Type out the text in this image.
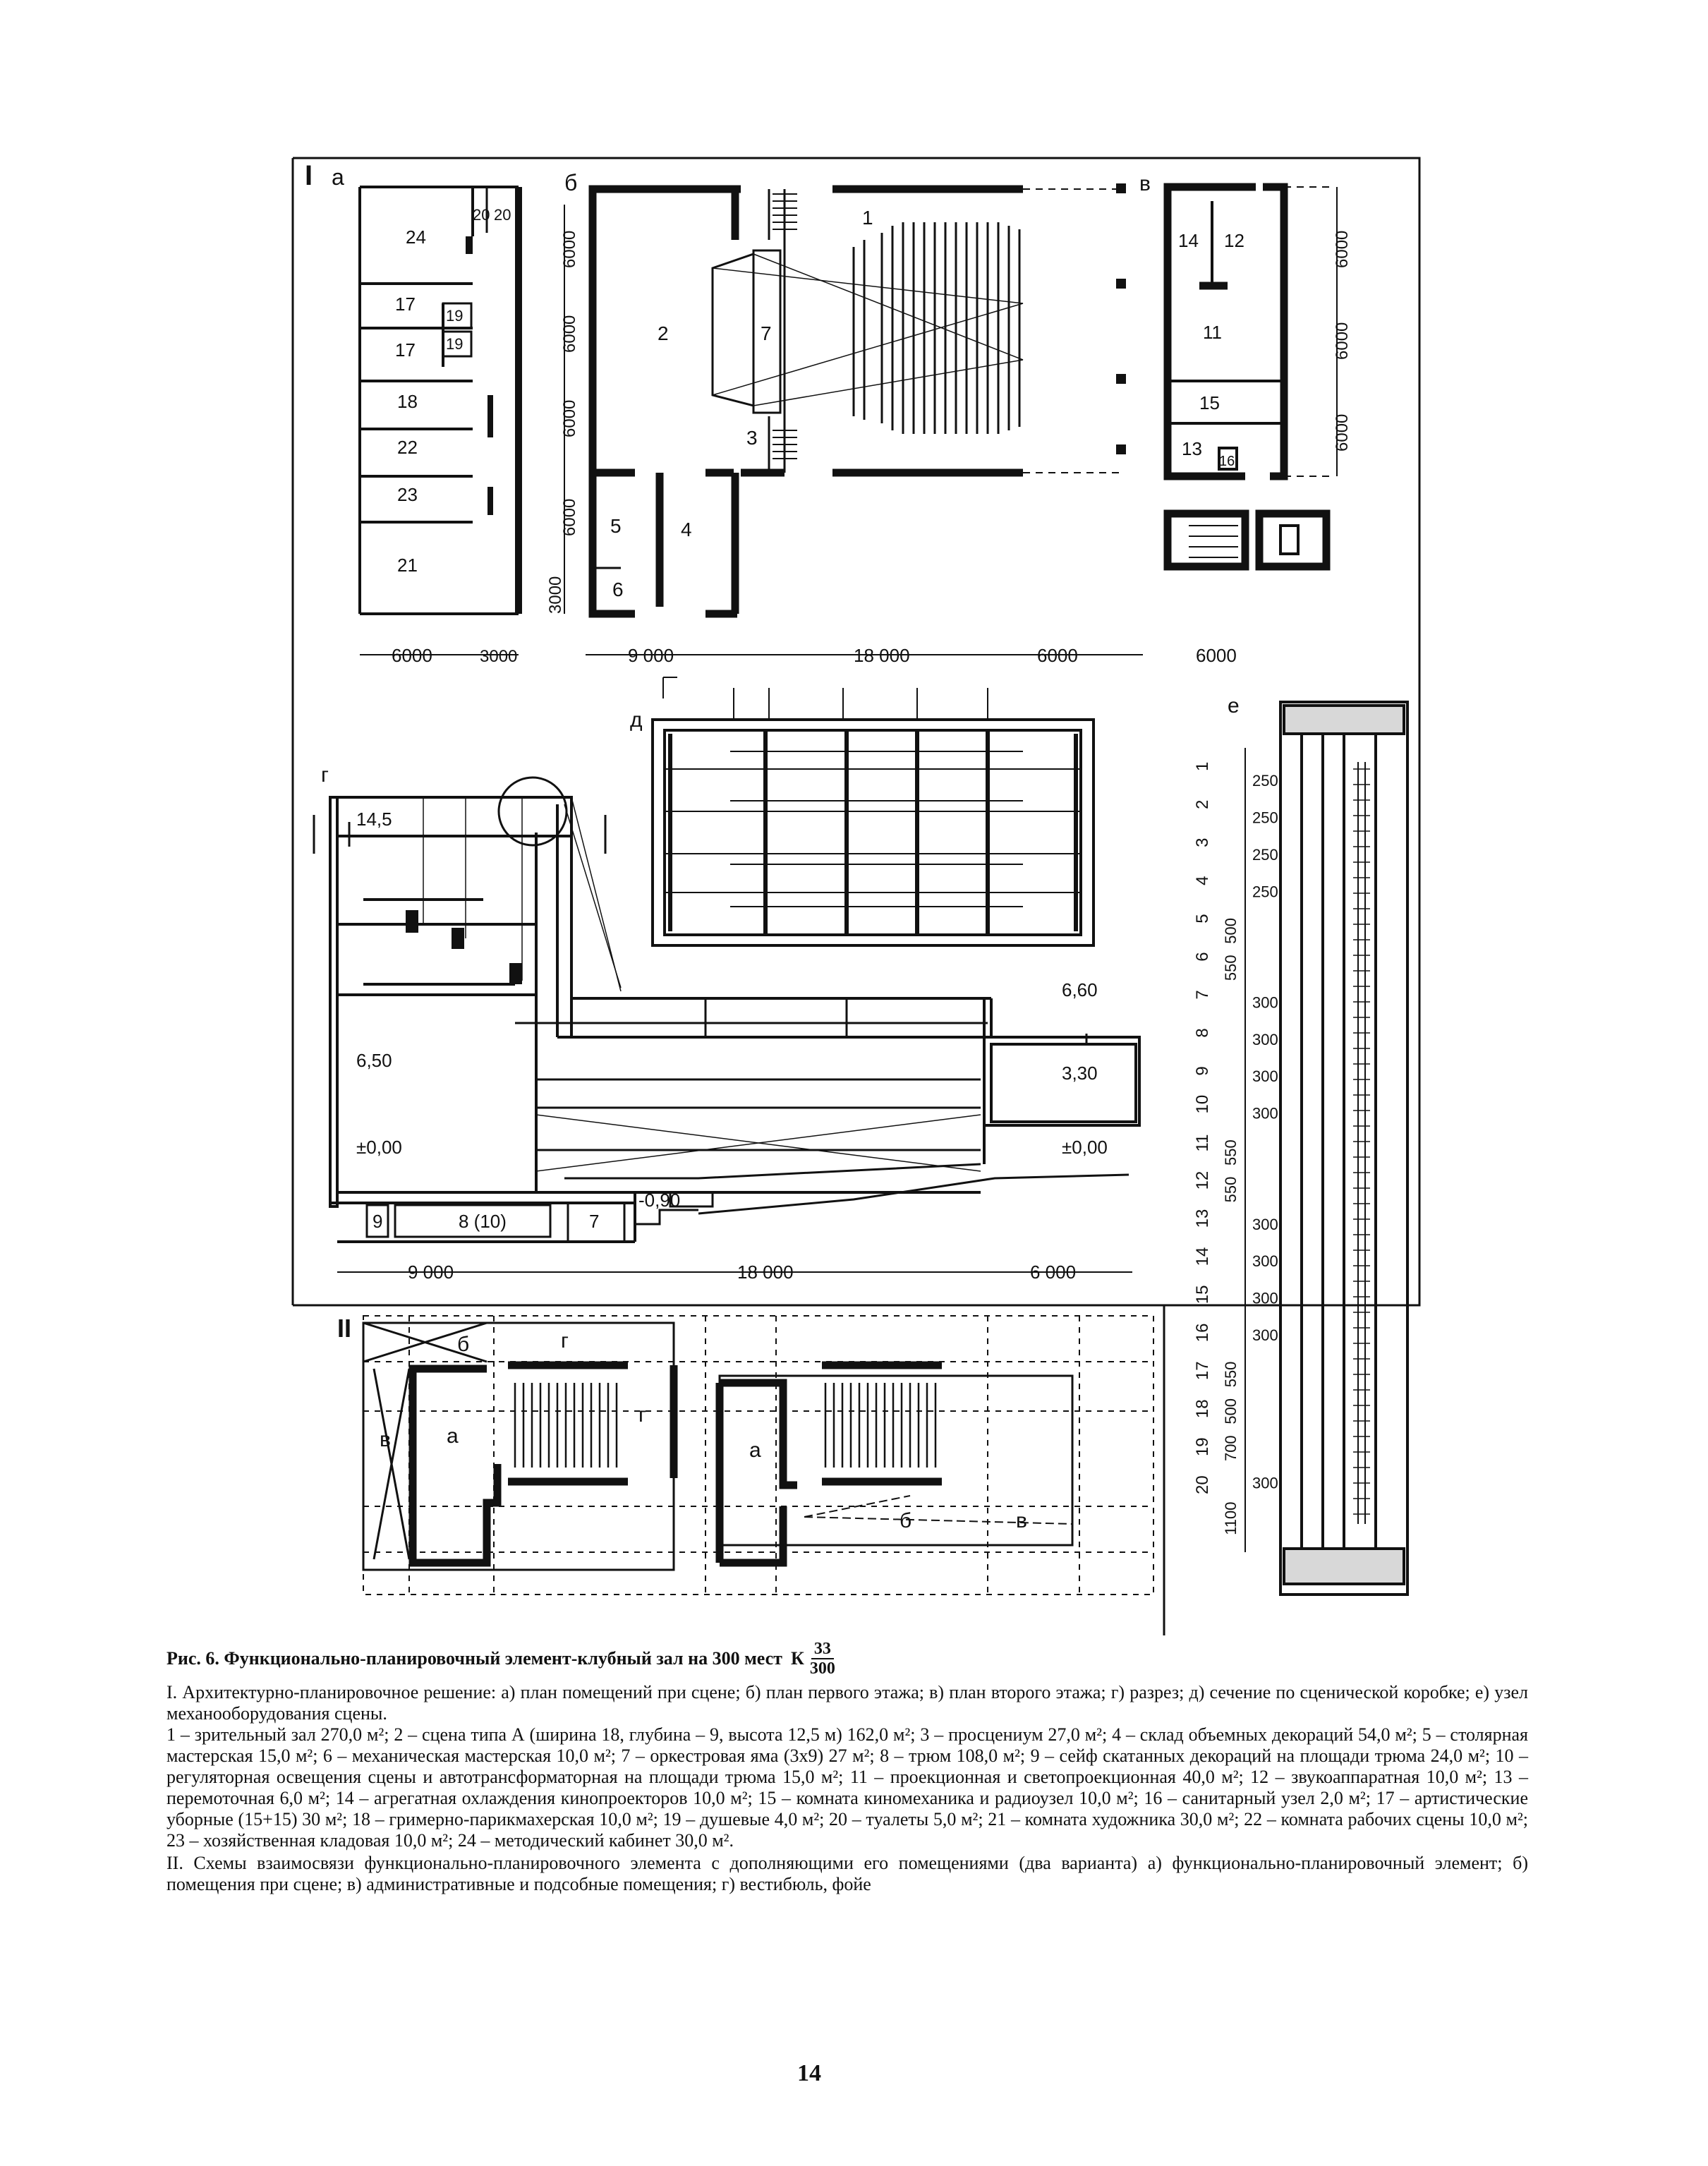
I а
24
20 20
17
19
17 19
18
22
23
21
6000	3000
б
1
2	7
3
5	4
6
6000
6000
6000
6000
3000
9 000	18 000	6000
в
14 12
11
15
13
16
6000
6000
6000
6000
д
г
14,5
6,60
6,50
3,30
±0,00	±0,00
-0,90
9	8 (10)	7
9 000	18 000	6 000
е
1
2
3
4
5
6
7
8
9
10
11
12
13
14
15
16
17
18
19
20
250
250
250
250
500
550
300
300
300
300
550
550
300
300
300
300
550
500
700
300
1100
II
б	г
в	а
г
а
б	в
Рис. 6. Функционально-планировочный элемент-клубный зал на 300 мест К $\frac{33}{300}$
I. Архитектурно-планировочное решение: а) план помещений при сцене; б) план первого этажа; в) план второго этажа; г) разрез; д) сечение по сценической коробке; е) узел механооборудования сцены.
1 – зрительный зал 270,0 м²; 2 – сцена типа А (ширина 18, глубина – 9, высота 12,5 м) 162,0 м²; 3 – просцениум 27,0 м²; 4 – склад объемных декораций 54,0 м²; 5 – столярная мастерская 15,0 м²; 6 – механическая мастерская 10,0 м²; 7 – оркестровая яма (3х9) 27 м²; 8 – трюм 108,0 м²; 9 – сейф скатанных декораций на площади трюма 24,0 м²; 10 – регуляторная освещения сцены и автотрансформаторная на площади трюма 15,0 м²; 11 – проекционная и светопроекционная 40,0 м²; 12 – звукоаппаратная 10,0 м²; 13 – перемоточная 6,0 м²; 14 – агрегатная охлаждения кинопроекторов 10,0 м²; 15 – комната киномеханика и радиоузел 10,0 м²; 16 – санитарный узел 2,0 м²; 17 – артистические уборные (15+15) 30 м²; 18 – гримерно-парикмахерская 10,0 м²; 19 – душевые 4,0 м²; 20 – туалеты 5,0 м²; 21 – комната художника 30,0 м²; 22 – комната рабочих сцены 10,0 м²; 23 – хозяйственная кладовая 10,0 м²; 24 – методический кабинет 30,0 м².
II. Схемы взаимосвязи функционально-планировочного элемента с дополняющими его помещениями (два варианта) а) функционально-планировочный элемент; б) помещения при сцене; в) административные и подсобные помещения; г) вестибюль, фойе
14
